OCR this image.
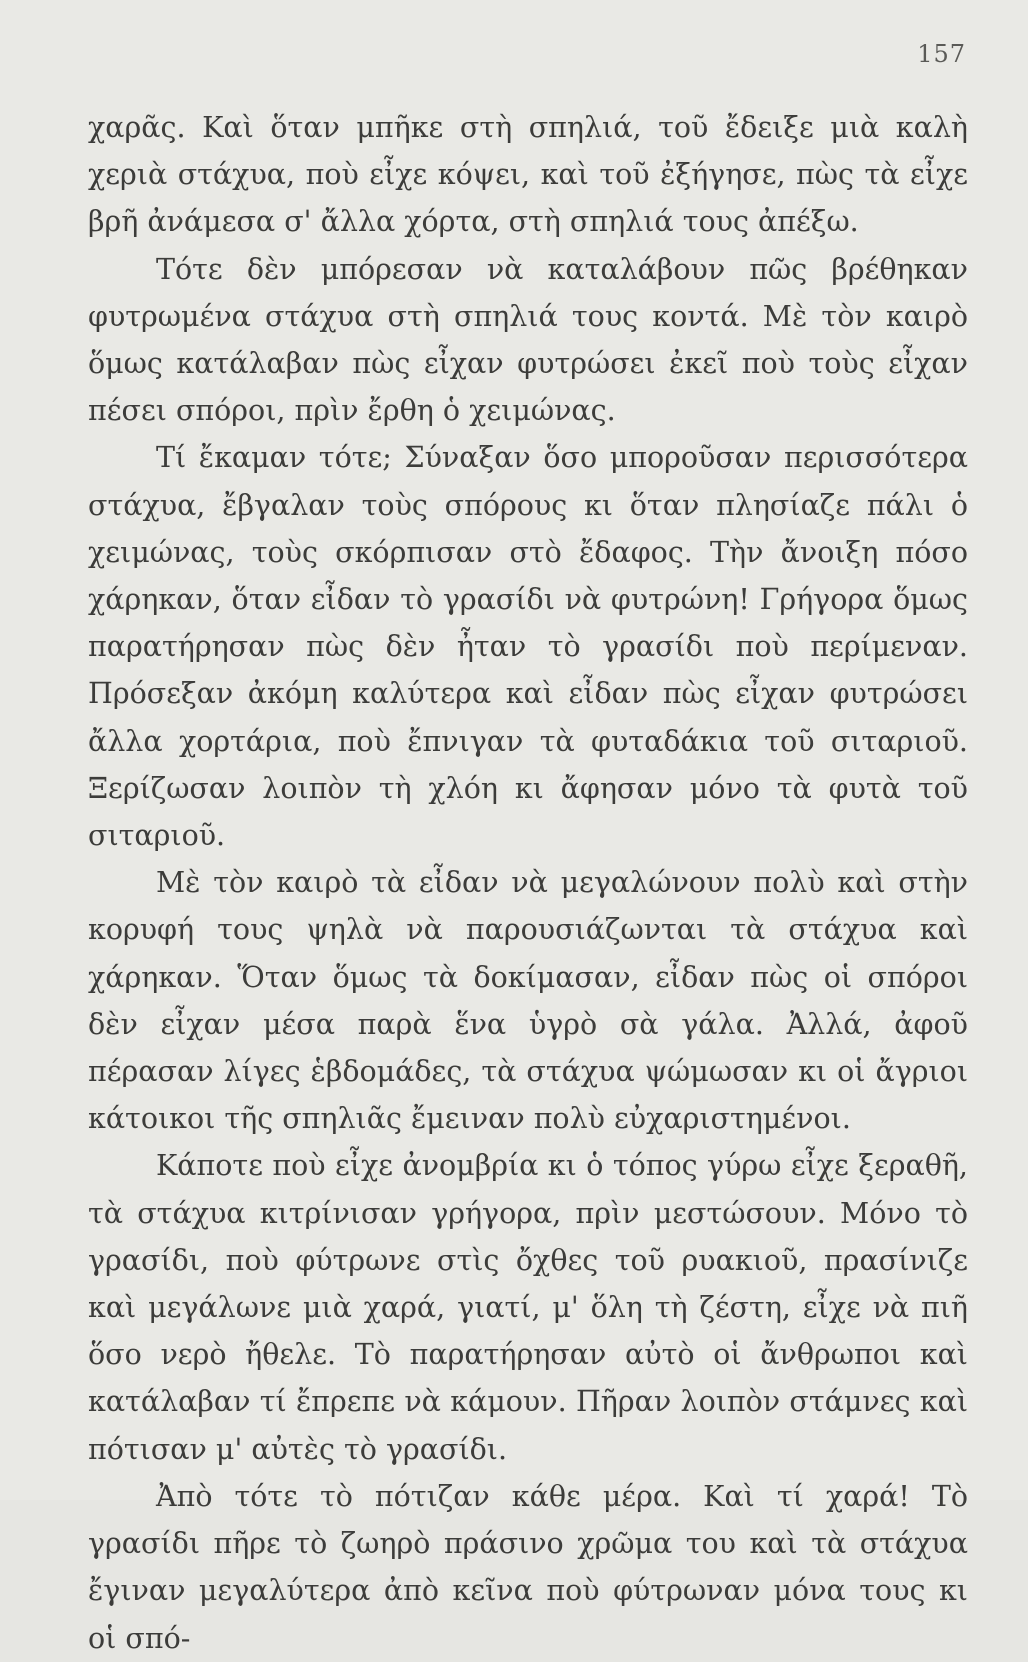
157

χαρᾶς. Καὶ ὅταν μπῆκε στὴ σπηλιά, τοῦ ἔδειξε μιὰ καλὴ χεριὰ στάχυα, ποὺ εἶχε κόψει, καὶ τοῦ ἐξήγησε, πὼς τὰ εἶχε βρῆ ἀνάμεσα σ' ἄλλα χόρτα, στὴ σπηλιά τους ἀπέξω.

Τότε δὲν μπόρεσαν νὰ καταλάβουν πῶς βρέθηκαν φυτρωμένα στάχυα στὴ σπηλιά τους κοντά. Μὲ τὸν καιρὸ ὅμως κατάλαβαν πὼς εἶχαν φυτρώσει ἐκεῖ ποὺ τοὺς εἶχαν πέσει σπόροι, πρὶν ἔρθη ὁ χειμώνας.

Τί ἔκαμαν τότε; Σύναξαν ὅσο μποροῦσαν περισσότερα στάχυα, ἔβγαλαν τοὺς σπόρους κι ὅταν πλησίαζε πάλι ὁ χειμώνας, τοὺς σκόρπισαν στὸ ἔδαφος. Τὴν ἄνοιξη πόσο χάρηκαν, ὅταν εἶδαν τὸ γρασίδι νὰ φυτρώνη! Γρήγορα ὅμως παρατήρησαν πὼς δὲν ἦταν τὸ γρασίδι ποὺ περίμεναν. Πρόσεξαν ἀκόμη καλύτερα καὶ εἶδαν πὼς εἶχαν φυτρώσει ἄλλα χορτάρια, ποὺ ἔπνιγαν τὰ φυταδάκια τοῦ σιταριοῦ. Ξερίζωσαν λοιπὸν τὴ χλόη κι ἄφησαν μόνο τὰ φυτὰ τοῦ σιταριοῦ.

Μὲ τὸν καιρὸ τὰ εἶδαν νὰ μεγαλώνουν πολὺ καὶ στὴν κορυφή τους ψηλὰ νὰ παρουσιάζωνται τὰ στάχυα καὶ χάρηκαν. Ὅταν ὅμως τὰ δοκίμασαν, εἶδαν πὼς οἱ σπόροι δὲν εἶχαν μέσα παρὰ ἕνα ὑγρὸ σὰ γάλα. Ἀλλά, ἀφοῦ πέρασαν λίγες ἑβδομάδες, τὰ στάχυα ψώμωσαν κι οἱ ἄγριοι κάτοικοι τῆς σπηλιᾶς ἔμειναν πολὺ εὐχαριστημένοι.

Κάποτε ποὺ εἶχε ἀνομβρία κι ὁ τόπος γύρω εἶχε ξεραθῆ, τὰ στάχυα κιτρίνισαν γρήγορα, πρὶν μεστώσουν. Μόνο τὸ γρασίδι, ποὺ φύτρωνε στὶς ὄχθες τοῦ ρυακιοῦ, πρασίνιζε καὶ μεγάλωνε μιὰ χαρά, γιατί, μ' ὅλη τὴ ζέστη, εἶχε νὰ πιῆ ὅσο νερὸ ἤθελε. Τὸ παρατήρησαν αὐτὸ οἱ ἄνθρωποι καὶ κατάλαβαν τί ἔπρεπε νὰ κάμουν. Πῆραν λοιπὸν στάμνες καὶ πότισαν μ' αὐτὲς τὸ γρασίδι.

Ἀπὸ τότε τὸ πότιζαν κάθε μέρα. Καὶ τί χαρά! Τὸ γρασίδι πῆρε τὸ ζωηρὸ πράσινο χρῶμα του καὶ τὰ στάχυα ἔγιναν μεγαλύτερα ἀπὸ κεῖνα ποὺ φύτρωναν μόνα τους κι οἱ σπό-
